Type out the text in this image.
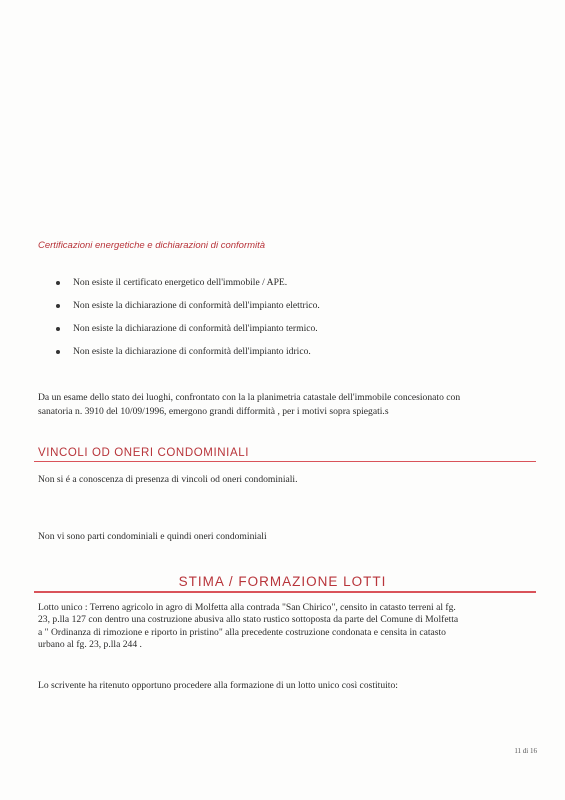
Certificazioni energetiche e dichiarazioni di conformità
Non esiste il certificato energetico dell'immobile / APE.
Non esiste la dichiarazione di conformità dell'impianto elettrico.
Non esiste la dichiarazione di conformità dell'impianto termico.
Non esiste la dichiarazione di conformità dell'impianto idrico.
Da un esame dello stato dei luoghi, confrontato con la la planimetria catastale dell'immobile concesionato con
sanatoria n. 3910 del 10/09/1996, emergono grandi difformità , per i motivi sopra spiegati.s
VINCOLI OD ONERI CONDOMINIALI
Non si é a conoscenza di presenza di vincoli od oneri condominiali.
Non vi sono parti condominiali e quindi oneri condominiali
STIMA / FORMAZIONE LOTTI
Lotto unico : Terreno agricolo in agro di Molfetta alla contrada "San Chirico", censito in catasto terreni al fg.
23, p.lla 127 con dentro una costruzione abusiva allo stato rustico sottoposta da parte del Comune di Molfetta
a " Ordinanza di rimozione e riporto in pristino" alla precedente costruzione condonata e censita in catasto
urbano al fg. 23, p.lla 244 .
Lo scrivente ha ritenuto opportuno procedere alla formazione di un lotto unico così costituito:
11 di 16
